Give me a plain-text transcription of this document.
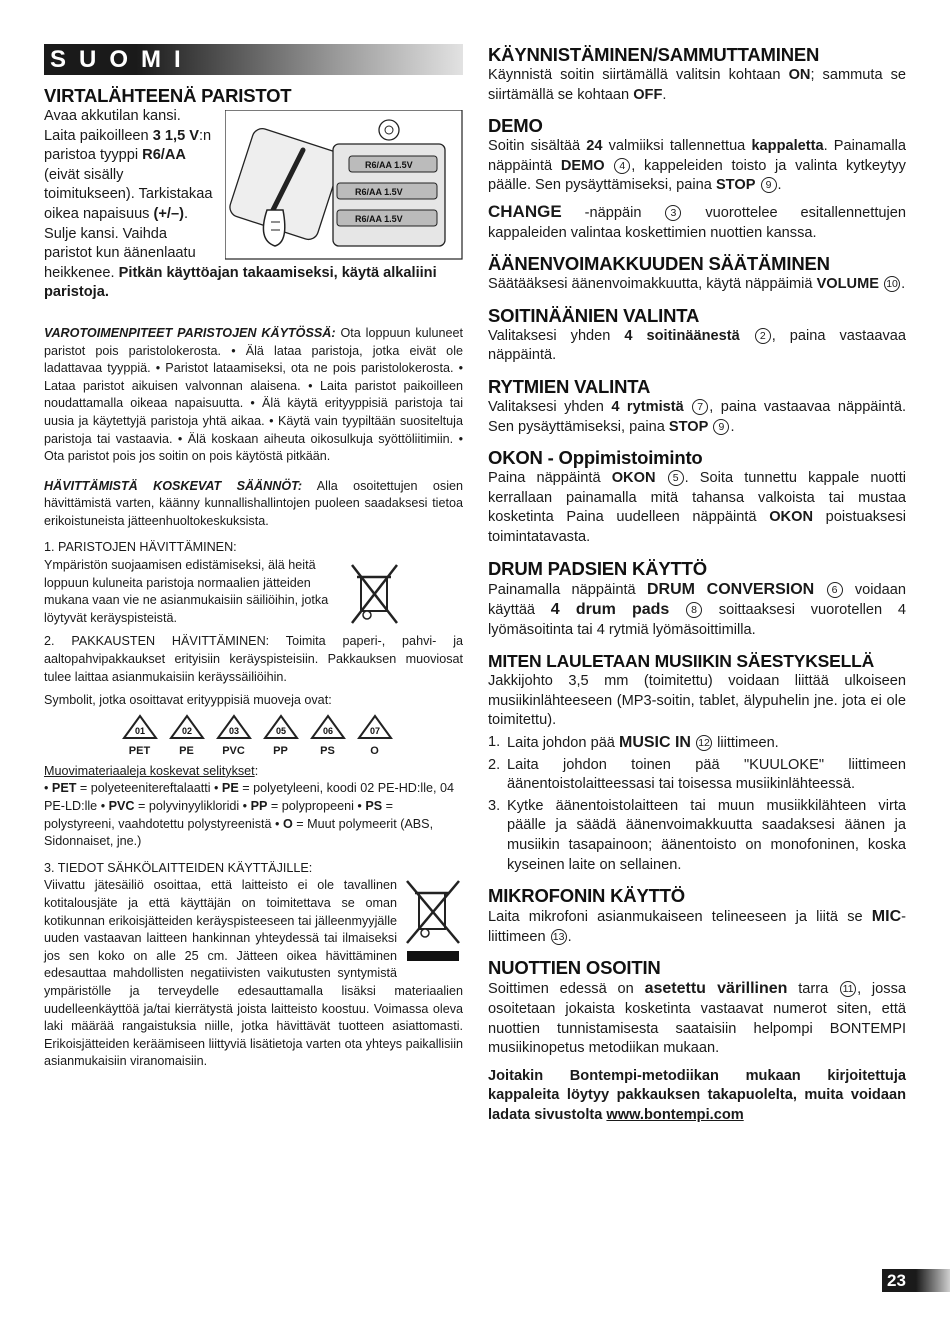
SUOMI
VIRTALÄHTEENÄ PARISTOT
R6/AA 1.5V
R6/AA 1.5V
R6/AA 1.5V

Avaa akkutilan kansi.
Laita paikoilleen 3 1,5 V:n paristoa tyyppi R6/AA (eivät sisälly toimitukseen). Tarkistakaa oikea napaisuus (+/–). Sulje kansi. Vaihda paristot kun äänenlaatu heikkenee. Pitkän käyttöajan takaamiseksi, käytä alkaliini paristoja.

VAROTOIMENPITEET PARISTOJEN KÄYTÖSSÄ: Ota loppuun kuluneet paristot pois paristolokerosta. • Älä lataa paristoja, jotka eivät ole ladattavaa tyyppiä. • Paristot lataamiseksi, ota ne pois paristolokerosta. • Lataa paristot aikuisen valvonnan alaisena. • Laita paristot paikoilleen noudattamalla oikeaa napaisuutta. • Älä käytä erityyppisiä paristoja tai uusia ja käytettyjä paristoja yhtä aikaa. • Käytä vain tyypiltään suositeltuja paristoja tai vastaavia. • Älä koskaan aiheuta oikosulkuja syöttöliitimiin. • Ota paristot pois jos soitin on pois käytöstä pitkään.

HÄVITTÄMISTÄ KOSKEVAT SÄÄNNÖT: Alla osoitettujen osien hävittämistä varten, käänny kunnallishallintojen puoleen saadaksesi tietoa erikoistuneista jätteenhuoltokeskuksista.

1. PARISTOJEN HÄVITTÄMINEN:

Ympäristön suojaamisen edistämiseksi, älä heitä loppuun kuluneita paristoja normaalien jätteiden mukana vaan vie ne asianmukaisiin säiliöihin, jotka löytyvät keräyspisteistä.

2. PAKKAUSTEN HÄVITTÄMINEN: Toimita paperi-, pahvi- ja aaltopahvipakkaukset erityisiin keräyspisteisiin. Pakkauksen muoviosat tulee laittaa asianmukaisiin keräyssäiliöihin.

Symbolit, jotka osoittavat erityyppisiä muoveja ovat:

01
PET
02
PE
03
PVC
05
PP
06
PS
07
O

Muovimateriaaleja koskevat selitykset:
• PET = polyeteenitereftalaatti • PE = polyetyleeni, koodi 02 PE-HD:lle, 04 PE-LD:lle • PVC = polyvinyylikloridi • PP = polypropeeni • PS = polystyreeni, vaahdotettu polystyreenistä • O = Muut polymeerit (ABS, Sidonnaiset, jne.)

3. TIEDOT SÄHKÖLAITTEIDEN KÄYTTÄJILLE:

Viivattu jätesäiliö osoittaa, että laitteisto ei ole tavallinen kotitalousjäte ja että käyttäjän on toimitettava se oman kotikunnan erikoisjätteiden keräyspisteeseen tai jälleenmyyjälle uuden vastaavan laitteen hankinnan yhteydessä tai ilmaiseksi jos sen koko on alle 25 cm. Jätteen oikea hävittäminen edesauttaa mahdollisten negatiivisten vaikutusten syntymistä ympäristölle ja terveydelle edesauttamalla lisäksi materiaalien uudelleenkäyttöä ja/tai kierrätystä joista laitteisto koostuu. Voimassa oleva laki määrää rangaistuksia niille, jotka hävittävät tuotteen asiattomasti. Erikoisjätteiden keräämiseen liittyviä lisätietoja varten ota yhteys paikallisiin asianmukaisiin viranomaisiin.

KÄYNNISTÄMINEN/SAMMUTTAMINEN

Käynnistä soitin siirtämällä valitsin kohtaan ON; sammuta se siirtämällä se kohtaan OFF.

DEMO

Soitin sisältää 24 valmiiksi tallennettua kappaletta. Painamalla näppäintä DEMO 4 , kappeleiden toisto ja valinta kytkeytyy päälle. Sen pysäyttämiseksi, paina STOP 9 .

CHANGE -näppäin 3 vuorottelee esitallennettujen kappaleiden valintaa koskettimien nuottien kanssa.

ÄÄNENVOIMAKKUUDEN SÄÄTÄMINEN

Säätääksesi äänenvoimakkuutta, käytä näppäimiä VOLUME 10 .

SOITINÄÄNIEN VALINTA

Valitaksesi yhden 4 soitinäänestä 2 , paina vastaavaa näppäintä.

RYTMIEN VALINTA

Valitaksesi yhden 4 rytmistä 7 , paina vastaavaa näppäintä. Sen pysäyttämiseksi, paina STOP 9 .

OKON - Oppimistoiminto

Paina näppäintä OKON 5 . Soita tunnettu kappale nuotti kerrallaan painamalla mitä tahansa valkoista tai mustaa kosketinta Paina uudelleen näppäintä OKON poistuaksesi toimintatavasta.

DRUM PADSIEN KÄYTTÖ

Painamalla näppäintä DRUM CONVERSION 6 voidaan käyttää 4 drum pads 8 soittaaksesi vuorotellen 4 lyömäsoitinta tai 4 rytmiä lyömäsoittimilla.

MITEN LAULETAAN MUSIIKIN SÄESTYKSELLÄ

Jakkijohto 3,5 mm (toimitettu) voidaan liittää ulkoiseen musiikinlähteeseen (MP3-soitin, tablet, älypuhelin jne. jota ei ole toimitettu).

1. Laita johdon pää MUSIC IN 12 liittimeen.
2. Laita johdon toinen pää "KUULOKE" liittimeen äänentoistolaitteessasi tai toisessa musiikinlähteessä.
3. Kytke äänentoistolaitteen tai muun musiikkilähteen virta päälle ja säädä äänenvoimakkuutta saadaksesi äänen ja musiikin tasapainoon; äänentoisto on monofoninen, koska kyseinen laite on sellainen.
MIKROFONIN KÄYTTÖ

Laita mikrofoni asianmukaiseen telineeseen ja liitä se MIC-liittimeen 13 .

NUOTTIEN OSOITIN

Soittimen edessä on asetettu värillinen tarra 11 , jossa osoitetaan jokaista kosketinta vastaavat numerot siten, että nuottien tunnistamisesta saataisiin helpompi BONTEMPI musiikinopetus metodiikan mukaan.

Joitakin Bontempi-metodiikan mukaan kirjoitettuja kappaleita löytyy pakkauksen takapuolelta, muita voidaan ladata sivustolta www.bontempi.com

23
